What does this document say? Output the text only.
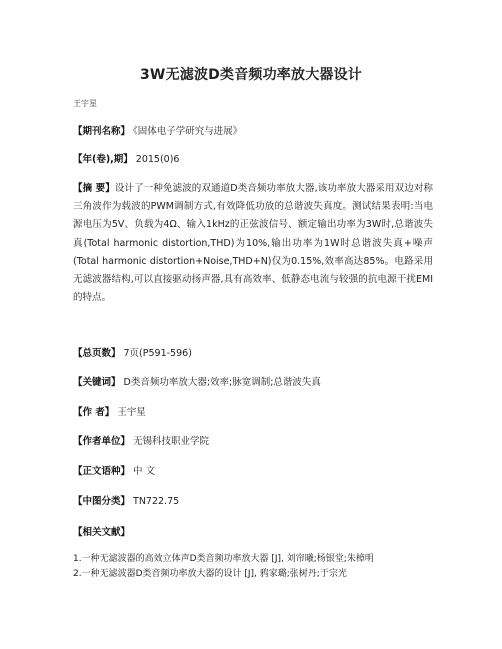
3W无滤波D类音频功率放大器设计
王宇星
【期刊名称】 《固体电子学研究与进展》
【年(卷),期】 2015(0)6
【摘 要】设计了一种免滤波的双通道D类音频功率放大器,该功率放大器采用双边对称三角波作为载波的PWM调制方式,有效降低功放的总谐波失真度。测试结果表明:当电源电压为5V、负载为4Ω、输入1kHz的正弦波信号、额定输出功率为3W时,总谐波失真(Total harmonic distortion,THD)为10%,输出功率为1W时总谐波失真+噪声(Total harmonic distortion+Noise,THD+N)仅为0.15%,效率高达85%。电路采用无滤波器结构,可以直接驱动扬声器,具有高效率、低静态电流与较强的抗电源干扰EMI的特点。
【总页数】 7页(P591-596)
【关键词】 D类音频功率放大器;效率;脉宽调制;总谐波失真
【作 者】 王宇星
【作者单位】 无锡科技职业学院
【正文语种】 中 文
【中图分类】 TN722.75
【相关文献】
1.一种无滤波器的高效立体声D类音频功率放大器 [J], 刘帘曦;杨银堂;朱樟明
2.一种无滤波器D类音频功率放大器的设计 [J], 鸦家璐;张树丹;于宗光
